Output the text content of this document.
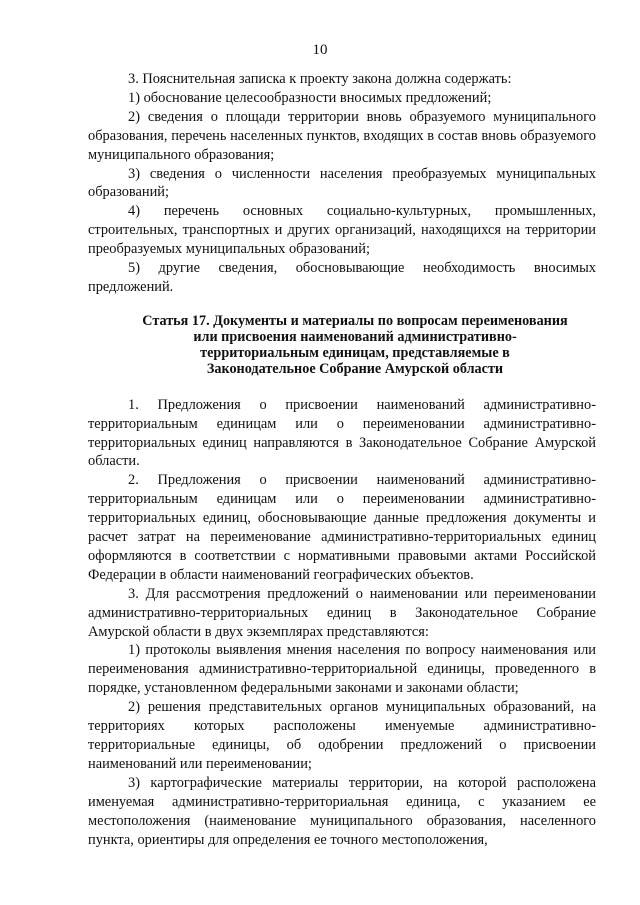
10

3. Пояснительная записка к проекту закона должна содержать:

1) обоснование целесообразности вносимых предложений;

2) сведения о площади территории вновь образуемого муниципального образования, перечень населенных пунктов, входящих в состав вновь образуемого муниципального образования;

3) сведения о численности населения преобразуемых муниципальных образований;

4) перечень основных социально-культурных, промышленных, строительных, транспортных и других организаций, находящихся на территории преобразуемых муниципальных образований;

5) другие сведения, обосновывающие необходимость вносимых предложений.

Статья 17. Документы и материалы по вопросам переименования
или присвоения наименований административно-
территориальным единицам, представляемые в
Законодательное Собрание Амурской области

1. Предложения о присвоении наименований административно-территориальным единицам или о переименовании административно-территориальных единиц направляются в Законодательное Собрание Амурской области.

2. Предложения о присвоении наименований административно-территориальным единицам или о переименовании административно-территориальных единиц, обосновывающие данные предложения документы и расчет затрат на переименование административно-территориальных единиц оформляются в соответствии с нормативными правовыми актами Российской Федерации в области наименований географических объектов.

3. Для рассмотрения предложений о наименовании или переименовании административно-территориальных единиц в Законодательное Собрание Амурской области в двух экземплярах представляются:

1) протоколы выявления мнения населения по вопросу наименования или переименования административно-территориальной единицы, проведенного в порядке, установленном федеральными законами и законами области;

2) решения представительных органов муниципальных образований, на территориях которых расположены именуемые административно-территориальные единицы, об одобрении предложений о присвоении наименований или переименовании;

3) картографические материалы территории, на которой расположена именуемая административно-территориальная единица, с указанием ее местоположения (наименование муниципального образования, населенного пункта, ориентиры для определения ее точного местоположения,
